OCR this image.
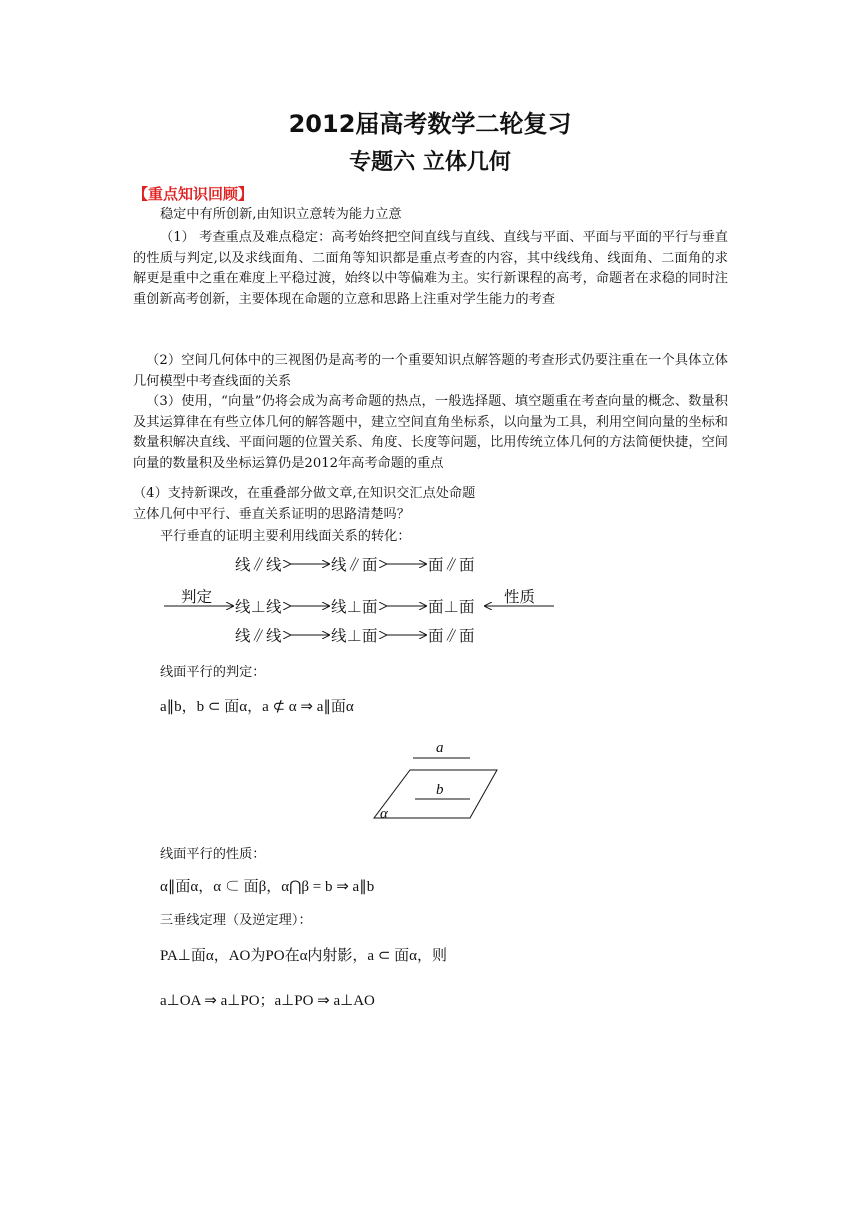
2012届高考数学二轮复习
专题六 立体几何
【重点知识回顾】
稳定中有所创新,由知识立意转为能力立意
（1） 考查重点及难点稳定：高考始终把空间直线与直线、直线与平面、平面与平面的平行与垂直的性质与判定,以及求线面角、二面角等知识都是重点考查的内容，其中线线角、线面角、二面角的求解更是重中之重在难度上平稳过渡，始终以中等偏难为主。实行新课程的高考，命题者在求稳的同时注重创新高考创新，主要体现在命题的立意和思路上注重对学生能力的考查
（2）空间几何体中的三视图仍是高考的一个重要知识点解答题的考查形式仍要注重在一个具体立体几何模型中考查线面的关系
（3）使用，“向量”仍将会成为高考命题的热点，一般选择题、填空题重在考查向量的概念、数量积及其运算律在有些立体几何的解答题中，建立空间直角坐标系，以向量为工具，利用空间向量的坐标和数量积解决直线、平面问题的位置关系、角度、长度等问题，比用传统立体几何的方法简便快捷，空间向量的数量积及坐标运算仍是2012年高考命题的重点
（4）支持新课改，在重叠部分做文章,在知识交汇点处命题
立体几何中平行、垂直关系证明的思路清楚吗？
平行垂直的证明主要利用线面关系的转化：
线∥线	线∥面	面∥面
判定	性质
线⊥线	线⊥面	面⊥面
线∥线	线⊥面	面∥面
线面平行的判定：
a∥b，b ⊂ 面α，a ⊄ α ⇒ a∥面α
a
b
α
线面平行的性质：
α∥面α，α ⊂ 面β，α⋂β = b ⇒ a∥b
三垂线定理（及逆定理）：
PA⊥面α，AO为PO在α内射影，a ⊂ 面α，则
a⊥OA ⇒ a⊥PO；a⊥PO ⇒ a⊥AO
